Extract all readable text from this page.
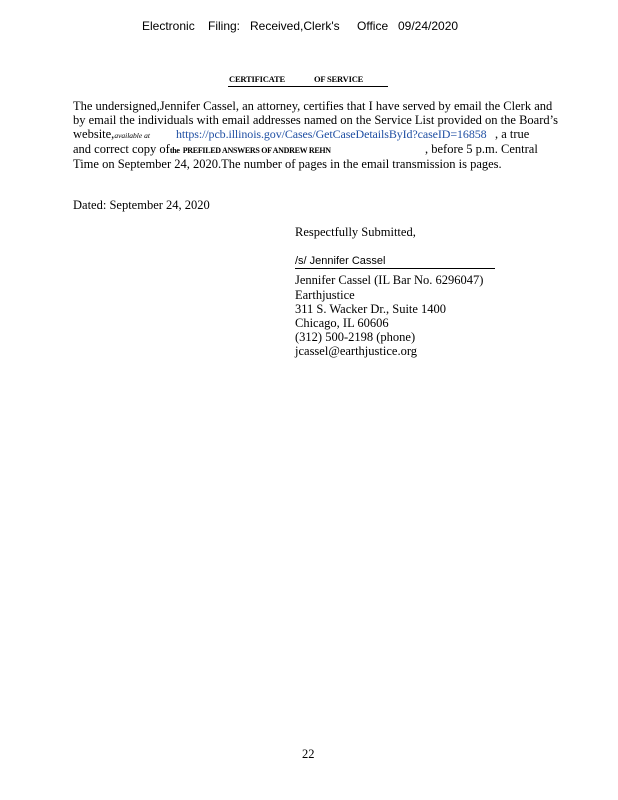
Electronic Filing: Received,Clerk's Office 09/24/2020
CERTIFICATE	OF SERVICE
The undersigned,Jennifer Cassel, an attorney, certifies that I have served by email the Clerk and
by email the individuals with email addresses named on the Service List provided on the Board’s
website,available at https://pcb.illinois.gov/Cases/GetCaseDetailsById?caseID=16858 , a true
and correct copy ofthe PREFILED ANSWERS OF ANDREW REHN	, before 5 p.m. Central
Time on September 24, 2020.The number of pages in the email transmission is pages.
Dated: September 24, 2020
Respectfully Submitted,
/s/ Jennifer Cassel
Jennifer Cassel (IL Bar No. 6296047)
Earthjustice
311 S. Wacker Dr., Suite 1400
Chicago, IL 60606
(312) 500-2198 (phone)
jcassel@earthjustice.org
22
